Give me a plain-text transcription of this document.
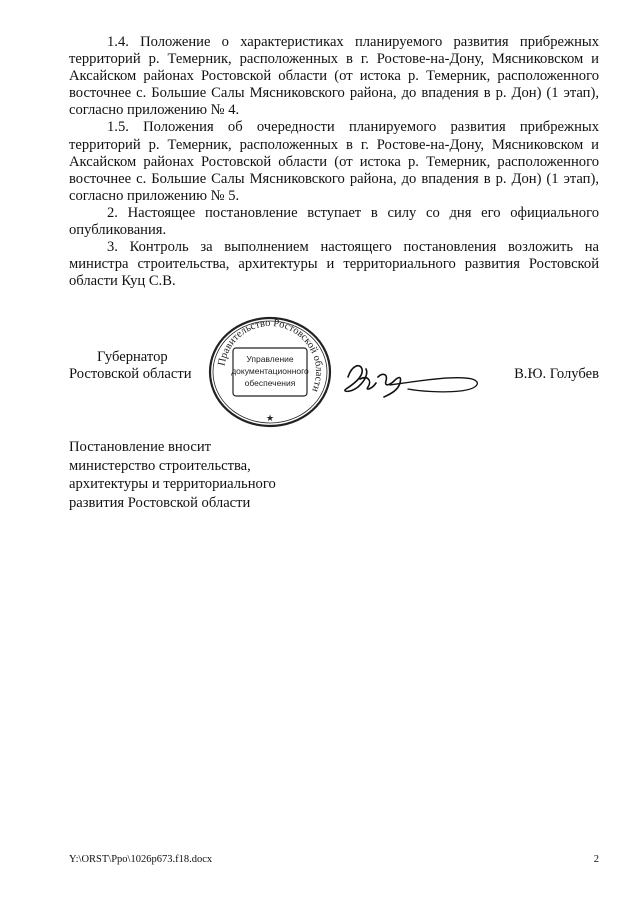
1.4. Положение о характеристиках планируемого развития прибрежных территорий р. Темерник, расположенных в г. Ростове-на-Дону, Мясниковском и Аксайском районах Ростовской области (от истока р. Темерник, расположенного восточнее с. Большие Салы Мясниковского района, до впадения в р. Дон) (1 этап), согласно приложению № 4.

1.5. Положения об очередности планируемого развития прибрежных территорий р. Темерник, расположенных в г. Ростове-на-Дону, Мясниковском и Аксайском районах Ростовской области (от истока р. Темерник, расположенного восточнее с. Большие Салы Мясниковского района, до впадения в р. Дон) (1 этап), согласно приложению № 5.

2. Настоящее постановление вступает в силу со дня его официального опубликования.

3. Контроль за выполнением настоящего постановления возложить на министра строительства, архитектуры и территориального развития Ростовской области Куц С.В.

Губернатор
Ростовской области	В.Ю. Голубев
Правительство Ростовской области
Управление
документационного
обеспечения
★
Постановление вносит
министерство строительства,
архитектуры и территориального
развития Ростовской области
Y:\ORST\Ppo\1026p673.f18.docx	2
